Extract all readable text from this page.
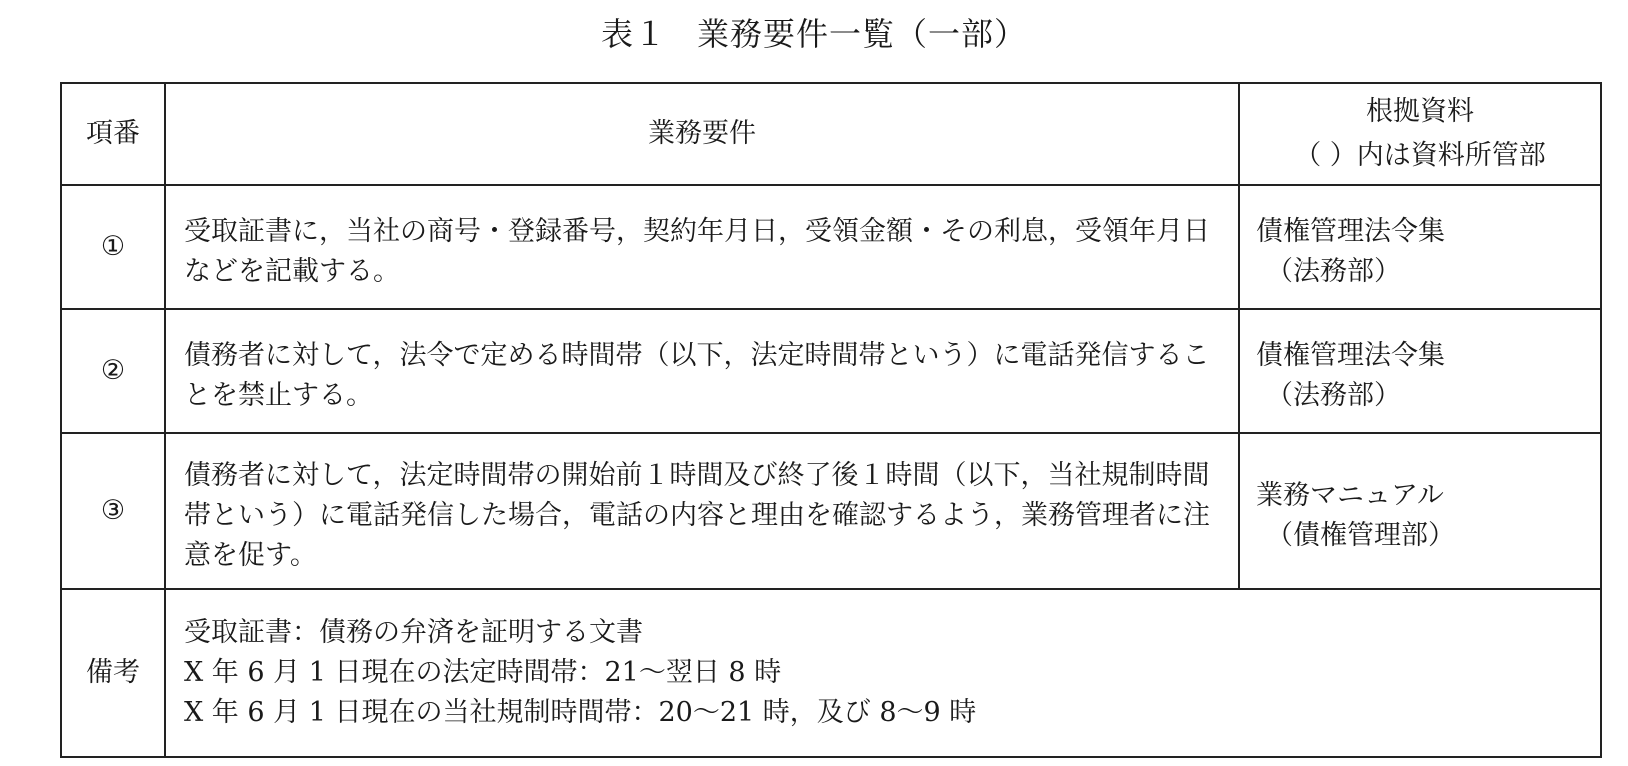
表１ 業務要件一覧（一部）
項番	業務要件	根拠資料
（ ）内は資料所管部

①	受取証書に，当社の商号・登録番号，契約年月日，受領金額・その利息，受領年月日などを記載する。	債権管理法令集
（法務部）

②	債務者に対して，法令で定める時間帯（以下，法定時間帯という）に電話発信することを禁止する。	債権管理法令集
（法務部）

③	債務者に対して，法定時間帯の開始前１時間及び終了後１時間（以下，当社規制時間帯という）に電話発信した場合，電話の内容と理由を確認するよう，業務管理者に注意を促す。	業務マニュアル
（債権管理部）

備考	受取証書：債務の弁済を証明する文書
X 年 6 月 1 日現在の法定時間帯：21～翌日 8 時
X 年 6 月 1 日現在の当社規制時間帯：20～21 時，及び 8～9 時	
